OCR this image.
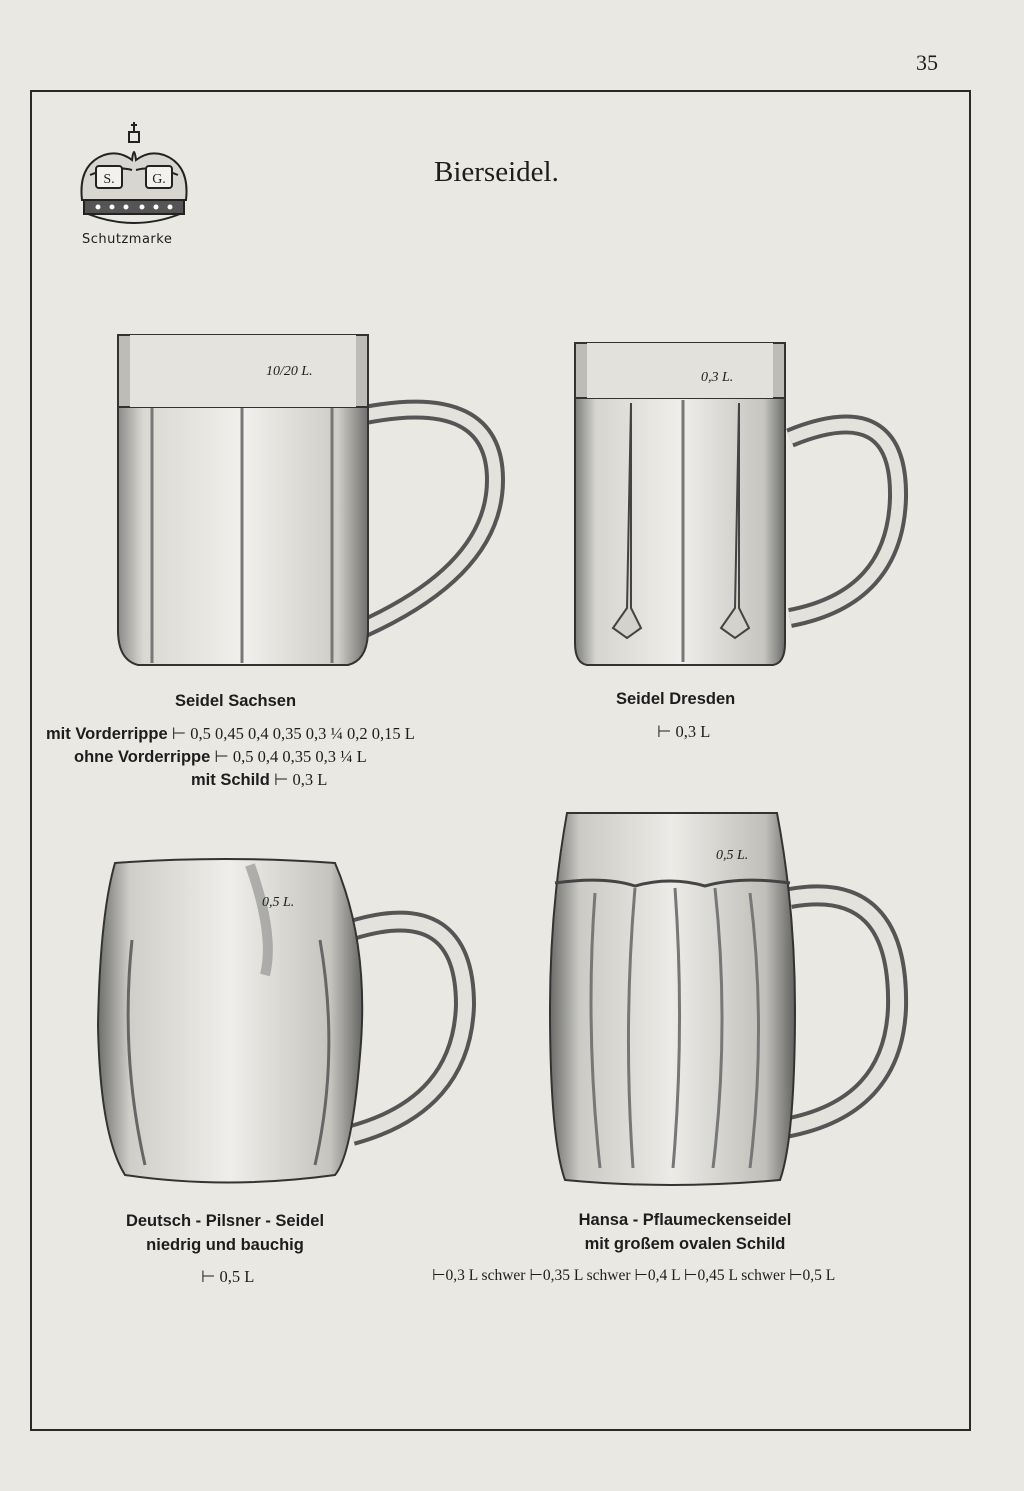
35
S.	G.
Schutzmarke
Bierseidel.
10/20 L.
Seidel Sachsen
mit Vorderrippe ⊢ 0,5 0,45 0,4 0,35 0,3 ¼ 0,2 0,15 L
ohne Vorderrippe ⊢ 0,5 0,4 0,35 0,3 ¼ L
mit Schild ⊢ 0,3 L
0,3 L.
Seidel Dresden
⊢ 0,3 L
0,5 L.
Deutsch - Pilsner - Seidel
niedrig und bauchig
⊢ 0,5 L
0,5 L.
Hansa - Pflaumeckenseidel
mit großem ovalen Schild
⊢0,3 L schwer ⊢0,35 L schwer ⊢0,4 L ⊢0,45 L schwer ⊢0,5 L
